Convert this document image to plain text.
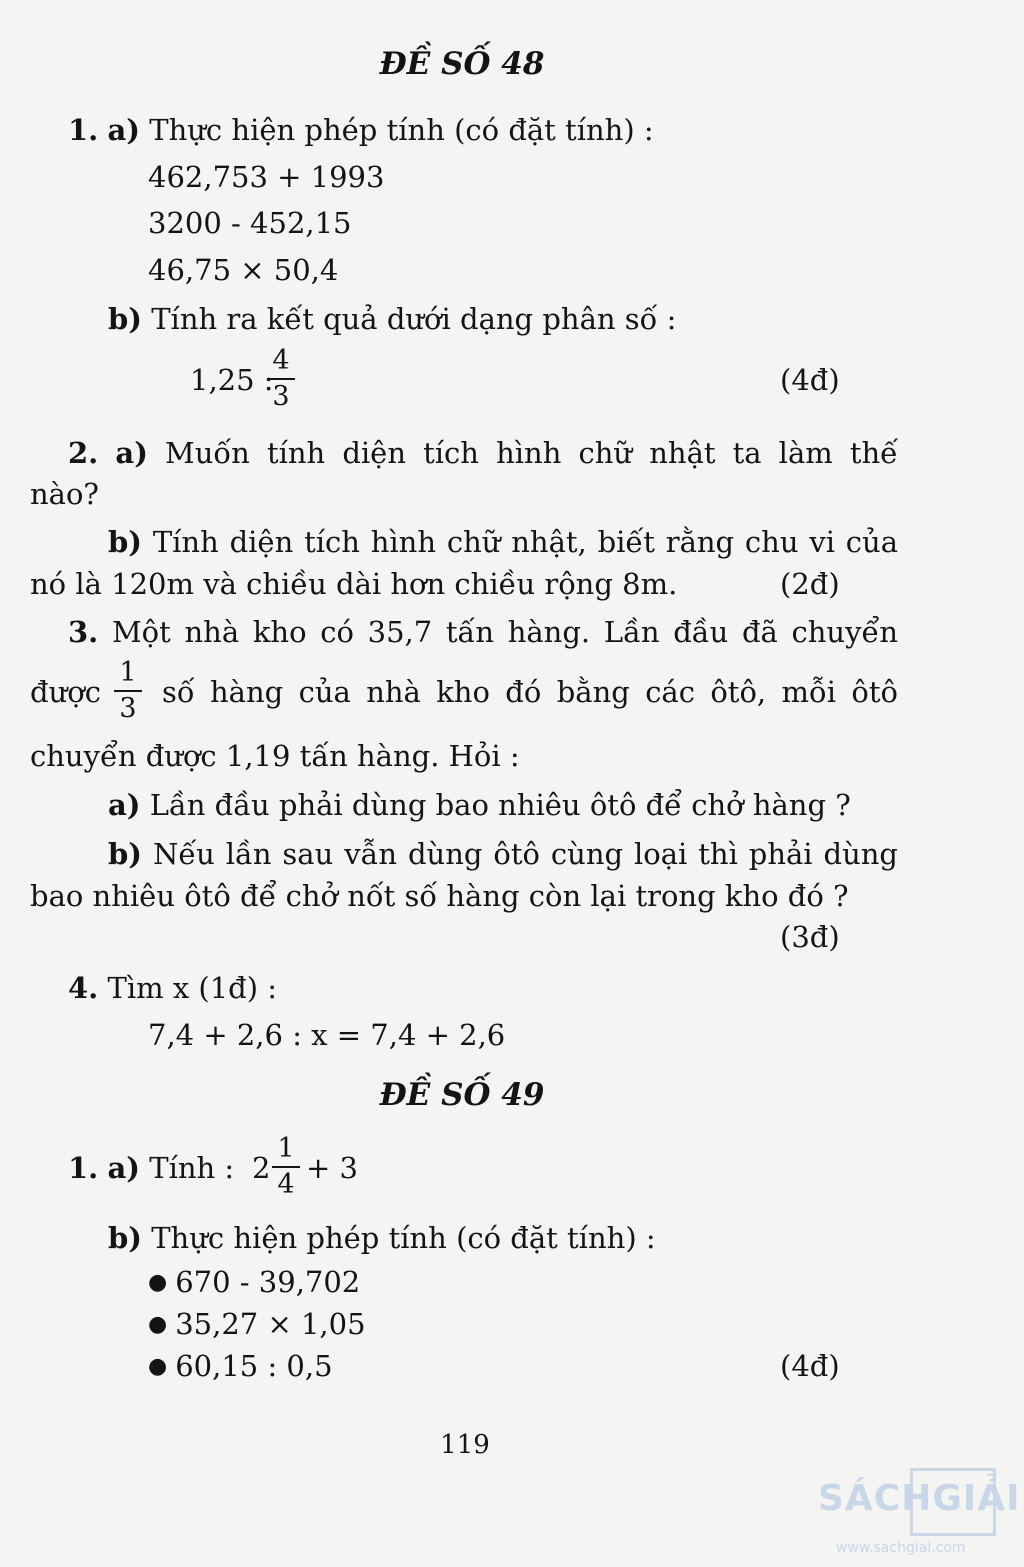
ĐỀ SỐ 48
1. a) Thực hiện phép tính (có đặt tính) :
462,753 + 1993
3200 - 452,15
46,75 × 50,4
b) Tính ra kết quả dưới dạng phân số :
1,25 :
4
3	(4đ)
2. a) Muốn tính diện tích hình chữ nhật ta làm thế
nào?
b) Tính diện tích hình chữ nhật, biết rằng chu vi của
nó là 120m và chiều dài hơn chiều rộng 8m.	(2đ)
3. Một nhà kho có 35,7 tấn hàng. Lần đầu đã chuyển
được
1
3 số hàng của nhà kho đó bằng các ôtô, mỗi ôtô
chuyển được 1,19 tấn hàng. Hỏi :
a) Lần đầu phải dùng bao nhiêu ôtô để chở hàng ?
b) Nếu lần sau vẫn dùng ôtô cùng loại thì phải dùng
bao nhiêu ôtô để chở nốt số hàng còn lại trong kho đó ?
(3đ)
4. Tìm x (1đ) :
7,4 + 2,6 : x = 7,4 + 2,6
ĐỀ SỐ 49
1. a) Tính : 2
1
4 + 3
b) Thực hiện phép tính (có đặt tính) :
● 670 - 39,702
● 35,27 × 1,05
● 60,15 : 0,5	(4đ)
119
SÁCHGIẢI
www.sachgiai.com
